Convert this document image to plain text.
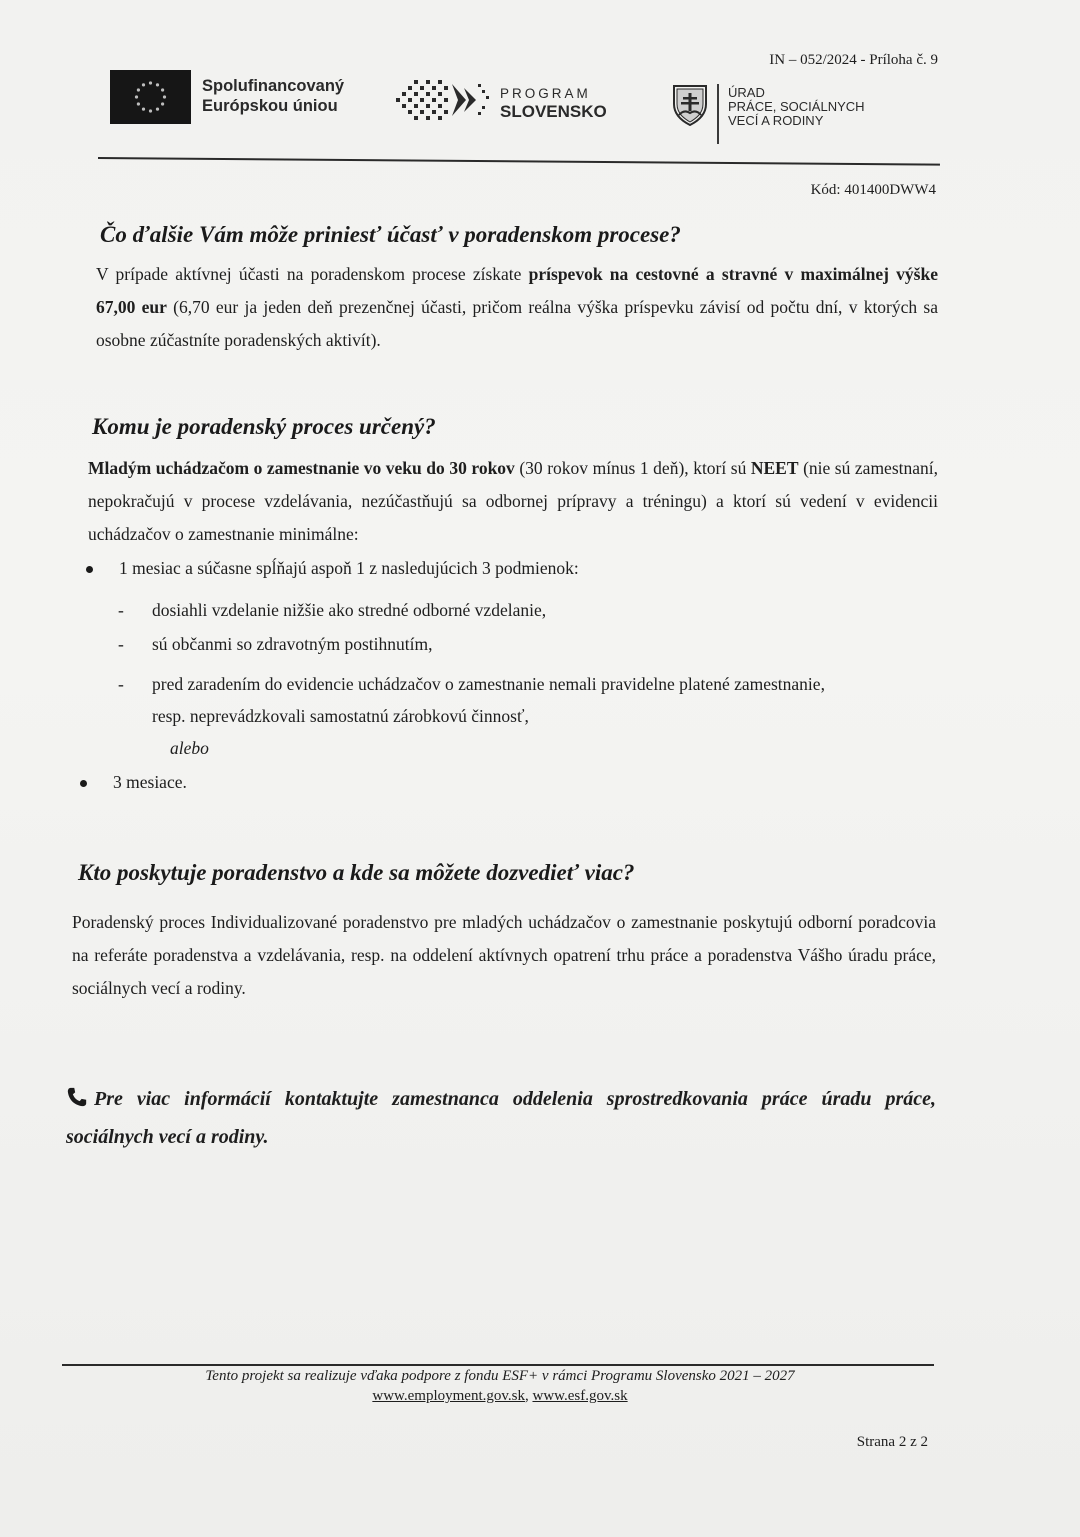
IN – 052/2024 - Príloha č. 9
Spolufinancovaný
Európskou úniou
PROGRAM
SLOVENSKO
ÚRAD
PRÁCE, SOCIÁLNYCH
VECÍ A RODINY
Kód: 401400DWW4
Čo ďalšie Vám môže priniesť účasť v poradenskom procese?
V prípade aktívnej účasti na poradenskom procese získate príspevok na cestovné a stravné v maximálnej výške 67,00 eur (6,70 eur ja jeden deň prezenčnej účasti, pričom reálna výška príspevku závisí od počtu dní, v ktorých sa osobne zúčastníte poradenských aktivít).
Komu je poradenský proces určený?
Mladým uchádzačom o zamestnanie vo veku do 30 rokov (30 rokov mínus 1 deň), ktorí sú NEET (nie sú zamestnaní, nepokračujú v procese vzdelávania, nezúčastňujú sa odbornej prípravy a tréningu) a ktorí sú vedení v evidencii uchádzačov o zamestnanie minimálne:
1 mesiac a súčasne spĺňajú aspoň 1 z nasledujúcich 3 podmienok:
- dosiahli vzdelanie nižšie ako stredné odborné vzdelanie,
- sú občanmi so zdravotným postihnutím,
- pred zaradením do evidencie uchádzačov o zamestnanie nemali pravidelne platené zamestnanie,
resp. neprevádzkovali samostatnú zárobkovú činnosť,
alebo
3 mesiace.
Kto poskytuje poradenstvo a kde sa môžete dozvedieť viac?
Poradenský proces Individualizované poradenstvo pre mladých uchádzačov o zamestnanie poskytujú odborní poradcovia na referáte poradenstva a vzdelávania, resp. na oddelení aktívnych opatrení trhu práce a poradenstva Vášho úradu práce, sociálnych vecí a rodiny.
Pre viac informácií kontaktujte zamestnanca oddelenia sprostredkovania práce úradu práce, sociálnych vecí a rodiny.
Tento projekt sa realizuje vďaka podpore z fondu ESF+ v rámci Programu Slovensko 2021 – 2027
www.employment.gov.sk, www.esf.gov.sk
Strana 2 z 2
